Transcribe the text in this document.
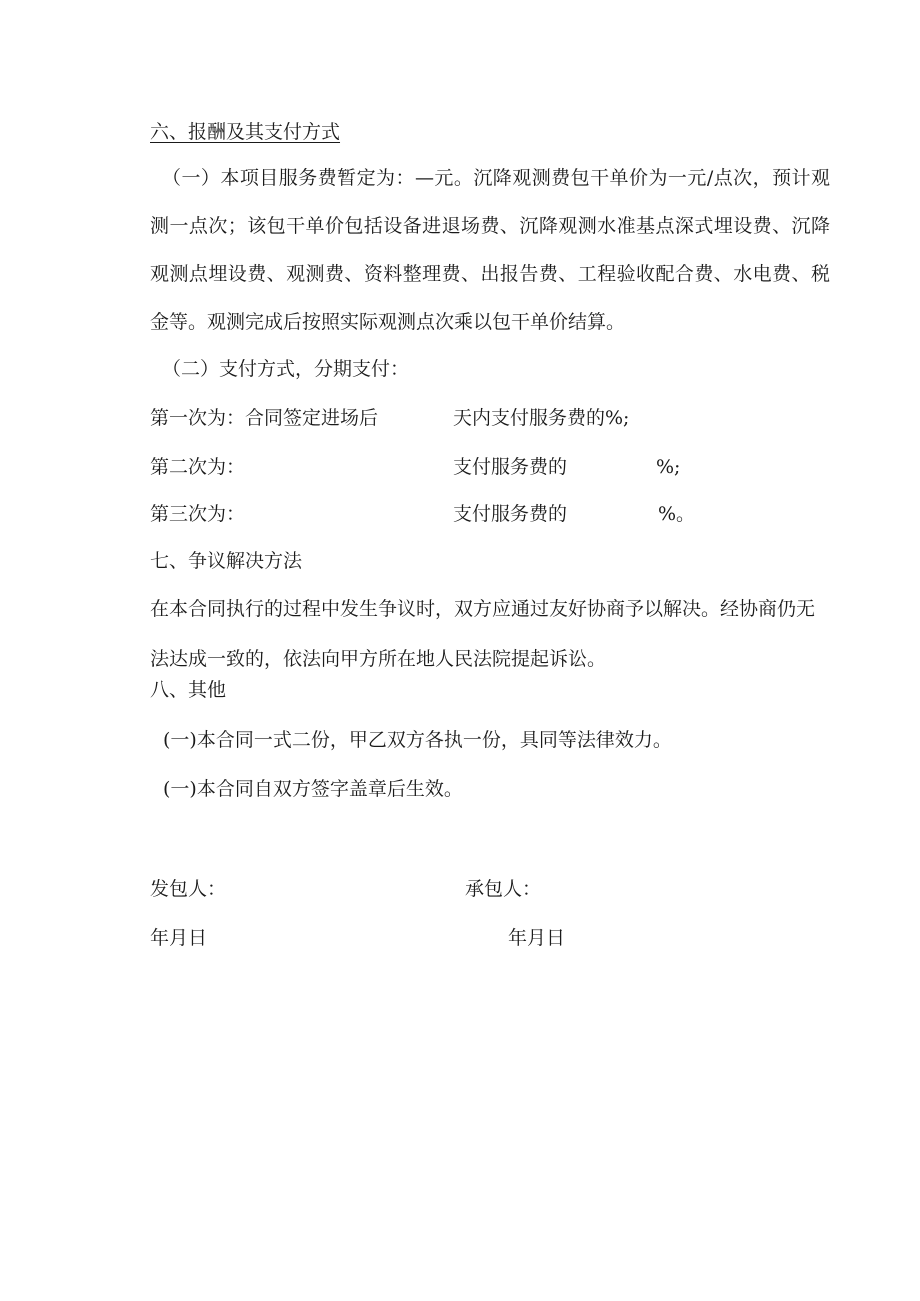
六、报酬及其支付方式

（一）本项目服务费暂定为：—元。沉降观测费包干单价为一元/点次，预计观测一点次；该包干单价包括设备进退场费、沉降观测水准基点深式埋设费、沉降观测点埋设费、观测费、资料整理费、出报告费、工程验收配合费、水电费、税金等。观测完成后按照实际观测点次乘以包干单价结算。

（二）支付方式，分期支付：

第一次为：合同签定进场后	天内支付服务费的%;
第二次为：	支付服务费的	%;
第三次为：	支付服务费的	%。

七、争议解决方法

在本合同执行的过程中发生争议时，双方应通过友好协商予以解决。经协商仍无法达成一致的，依法向甲方所在地人民法院提起诉讼。

八、其他

(一)本合同一式二份，甲乙双方各执一份，具同等法律效力。

(一)本合同自双方签字盖章后生效。

发包人：	承包人：
年月日	年月日
